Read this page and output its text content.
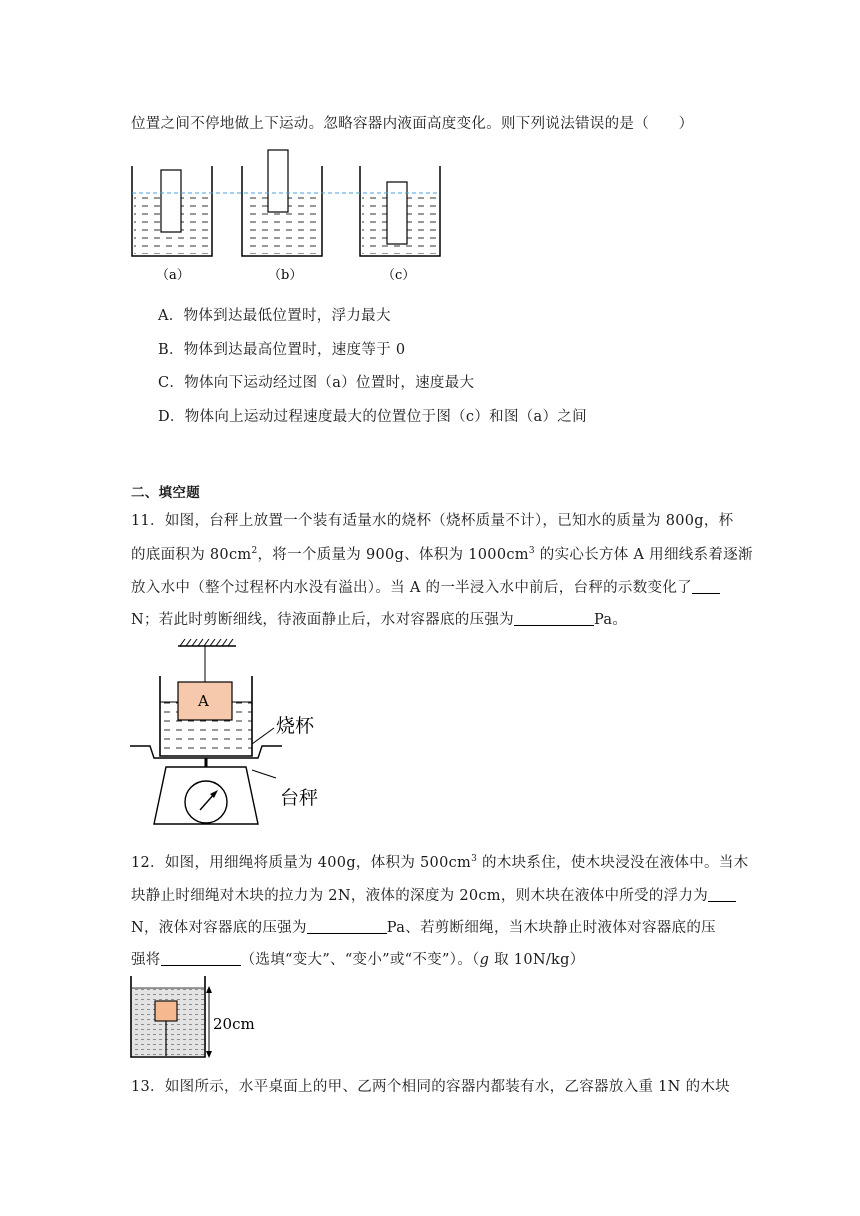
位置之间不停地做上下运动。忽略容器内液面高度变化。则下列说法错误的是（　　）
（a）	（b）	（c）
A．物体到达最低位置时，浮力最大
B．物体到达最高位置时，速度等于 0
C．物体向下运动经过图（a）位置时，速度最大
D．物体向上运动过程速度最大的位置位于图（c）和图（a）之间
二、填空题
11．如图，台秤上放置一个装有适量水的烧杯（烧杯质量不计），已知水的质量为 800g，杯
的底面积为 $80cm^2$，将一个质量为 900g、体积为 $1000cm^3$ 的实心长方体 A 用细线系着逐渐
放入水中（整个过程杯内水没有溢出）。当 A 的一半浸入水中前后，台秤的示数变化了
N；若此时剪断细线，待液面静止后，水对容器底的压强为	Pa。
A
烧杯
台秤
12．如图，用细绳将质量为 400g，体积为 $500cm^3$ 的木块系住，使木块浸没在液体中。当木
块静止时细绳对木块的拉力为 2N，液体的深度为 20cm，则木块在液体中所受的浮力为
N，液体对容器底的压强为	Pa、若剪断细绳，当木块静止时液体对容器底的压
强将	（选填“变大”、“变小”或“不变”）。（g 取 10N/kg）
20cm
13．如图所示，水平桌面上的甲、乙两个相同的容器内都装有水，乙容器放入重 1N 的木块
